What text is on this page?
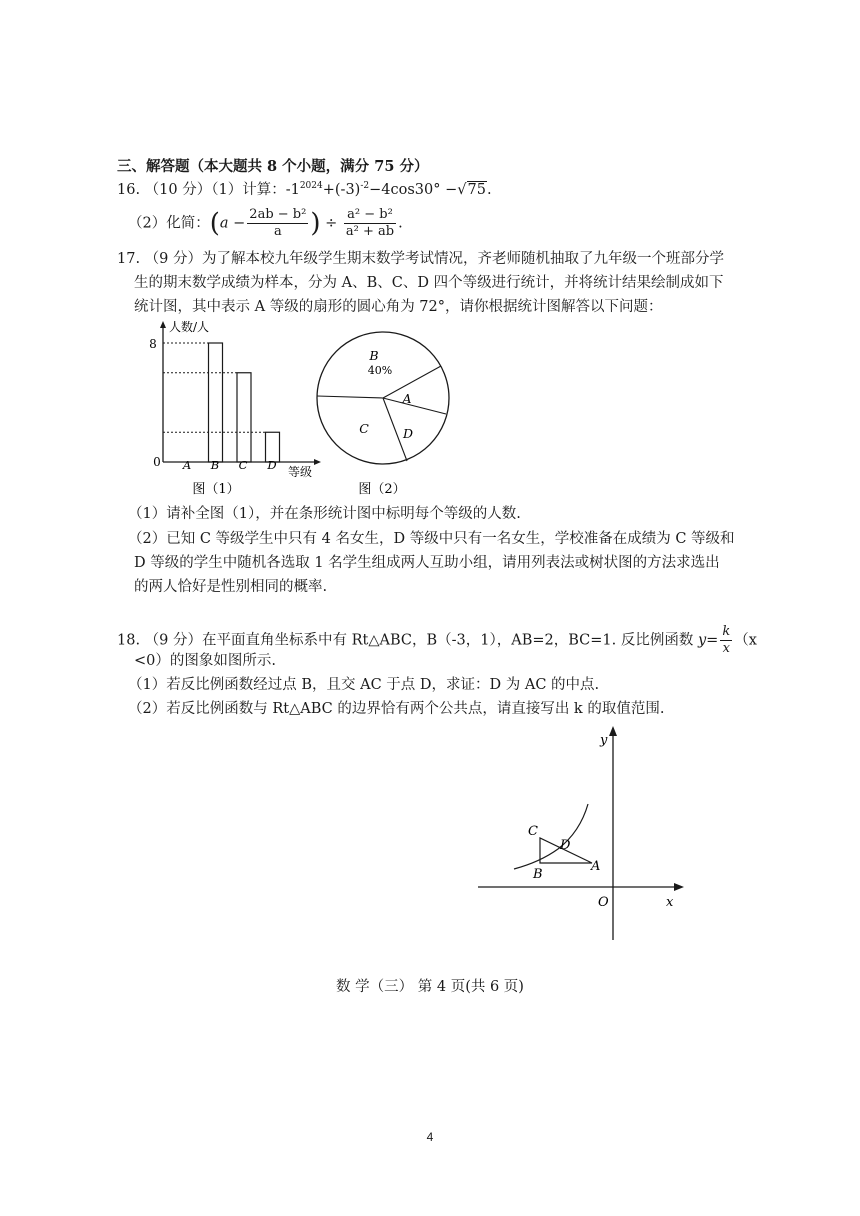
三、解答题（本大题共 8 个小题，满分 75 分）
16. （10 分）（1）计算：$-1^{2024}+(-3)^{-2}-4\cos 30^\circ -√75$.
（2）化简：($a - \frac{\text{2ab − b²}}{a}$ ) ÷ $\frac{\text{a² − b²}}{\text{a² + ab}}$ .
17. （9 分）为了解本校九年级学生期末数学考试情况，齐老师随机抽取了九年级一个班部分学
生的期末数学成绩为样本，分为 A、B、C、D 四个等级进行统计，并将统计结果绘制成如下
统计图，其中表示 A 等级的扇形的圆心角为 72°，请你根据统计图解答以下问题：
人数/人
8
0
等级
A B C D
图（1）
B
40%
A
C	D
图（2）
（1）请补全图（1），并在条形统计图中标明每个等级的人数.
（2）已知 C 等级学生中只有 4 名女生，D 等级中只有一名女生，学校准备在成绩为 C 等级和
D 等级的学生中随机各选取 1 名学生组成两人互助小组，请用列表法或树状图的方法求选出
的两人恰好是性别相同的概率.
18. （9 分）在平面直角坐标系中有 Rt△ABC，B（-3，1），AB=2，BC=1. 反比例函数 $y= \frac{k}{x} (x$
<0）的图象如图所示.
（1）若反比例函数经过点 B，且交 AC 于点 D，求证：D 为 AC 的中点.
（2）若反比例函数与 Rt△ABC 的边界恰有两个公共点，请直接写出 k 的取值范围.
y
x
O
C
D
A
B
数 学（三） 第 4 页(共 6 页)
4
